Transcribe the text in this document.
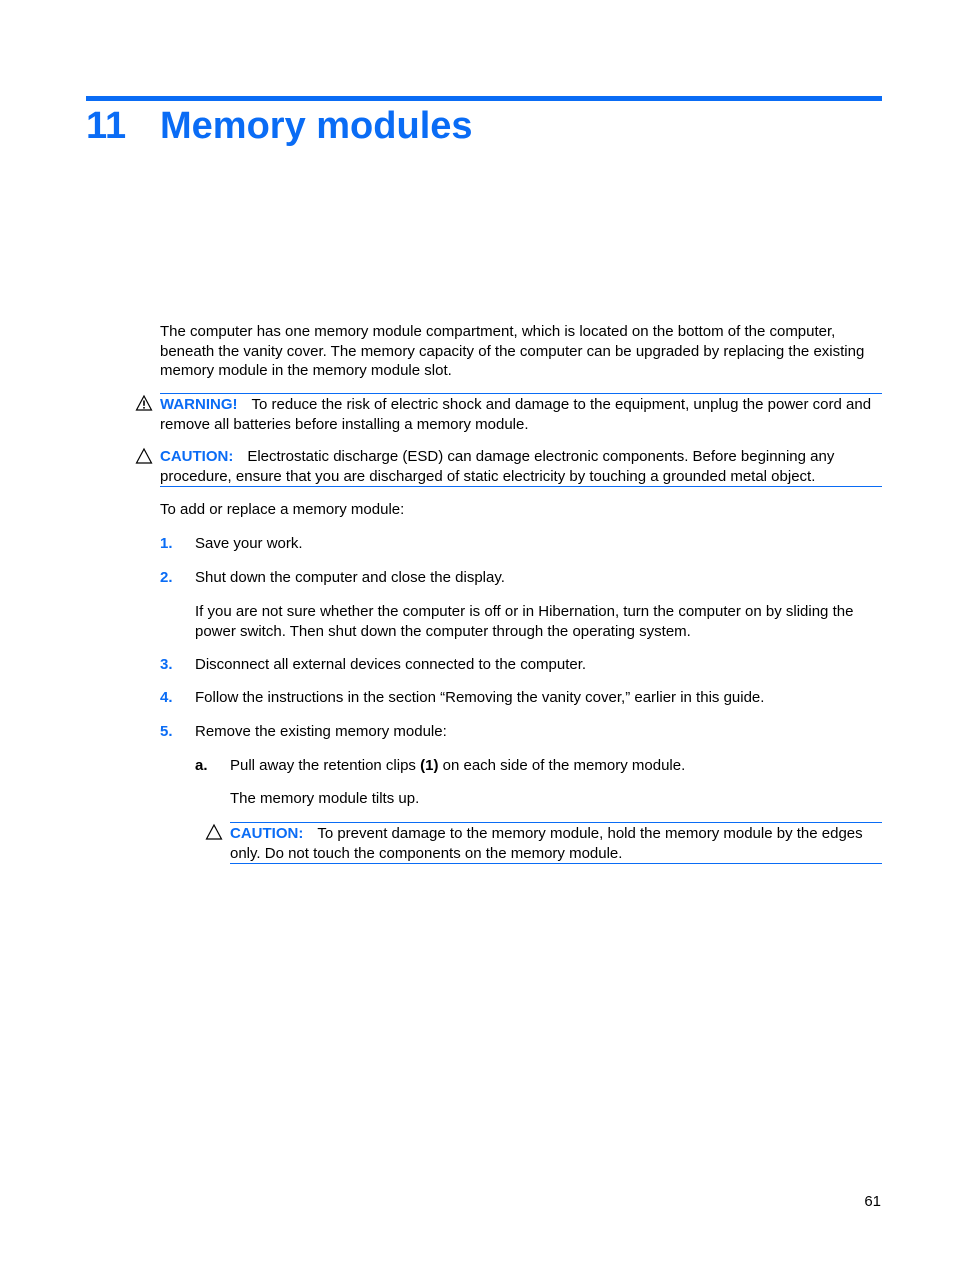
11 Memory modules

The computer has one memory module compartment, which is located on the bottom of the computer, beneath the vanity cover. The memory capacity of the computer can be upgraded by replacing the existing memory module in the memory module slot.

WARNING! To reduce the risk of electric shock and damage to the equipment, unplug the power cord and remove all batteries before installing a memory module.

CAUTION: Electrostatic discharge (ESD) can damage electronic components. Before beginning any procedure, ensure that you are discharged of static electricity by touching a grounded metal object.

To add or replace a memory module:

1. Save your work.
2. Shut down the computer and close the display.
If you are not sure whether the computer is off or in Hibernation, turn the computer on by sliding the power switch. Then shut down the computer through the operating system.
3. Disconnect all external devices connected to the computer.
4. Follow the instructions in the section “Removing the vanity cover,” earlier in this guide.
5. Remove the existing memory module:
a. Pull away the retention clips (1) on each side of the memory module.
The memory module tilts up.

CAUTION: To prevent damage to the memory module, hold the memory module by the edges only. Do not touch the components on the memory module.

61
